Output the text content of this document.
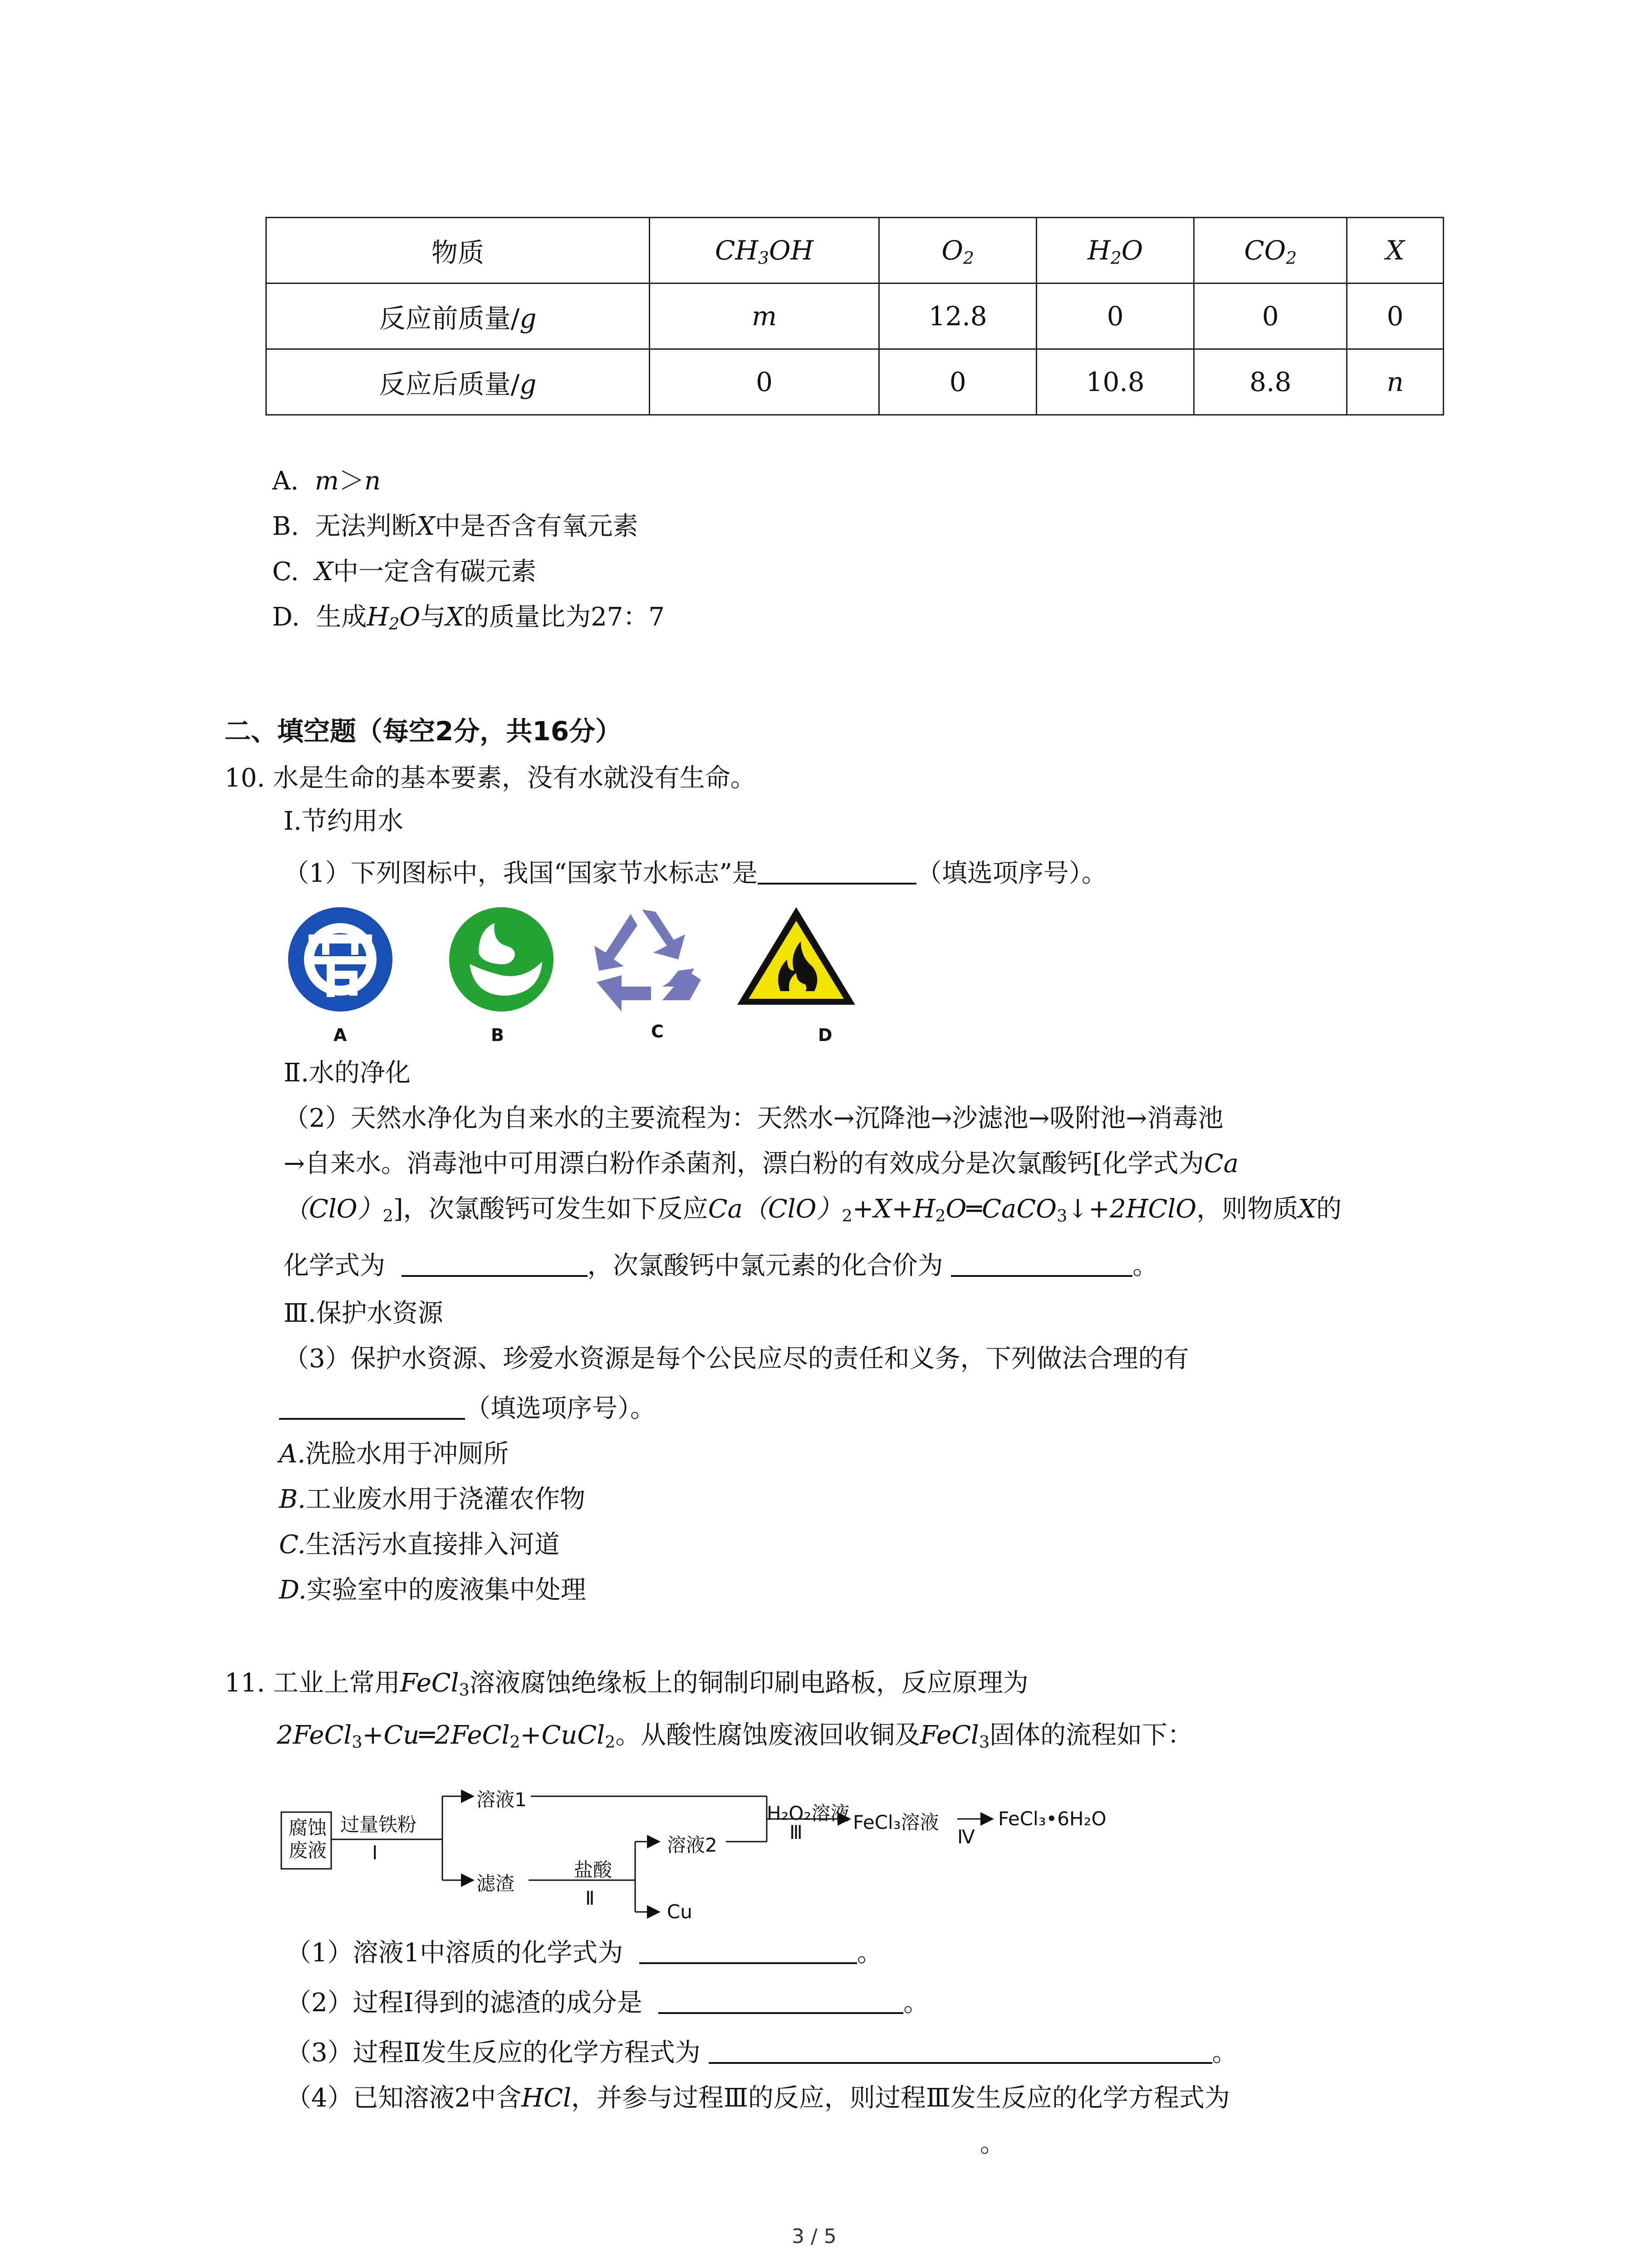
物质	$CH_3OH$	$O_2$	$H_2O$	$CO_2$	X
反应前质量/g	m	12.8	0	0	0
反应后质量/g	0	0	10.8	8.8	n
A. m＞n
B. 无法判断X中是否含有氧元素
C. X中一定含有碳元素
D. 生成$H_2O$与X的质量比为27：7
二、填空题（每空2分，共16分）
10. 水是生命的基本要素，没有水就没有生命。
Ⅰ.节约用水
（1）下列图标中，我国“国家节水标志”是	（填选项序号）。
A	B	C	D
Ⅱ.水的净化
（2）天然水净化为自来水的主要流程为：天然水→沉降池→沙滤池→吸附池→消毒池
→自来水。消毒池中可用漂白粉作杀菌剂，漂白粉的有效成分是次氯酸钙[化学式为Ca
$(ClO)_2$]，次氯酸钙可发生如下反应$Ca(ClO)_2+X+H_2O═CaCO_3↓+2HClO$，则物质X的
化学式为	，次氯酸钙中氯元素的化合价为	。
Ⅲ.保护水资源
（3）保护水资源、珍爱水资源是每个公民应尽的责任和义务，下列做法合理的有
（填选项序号）。
A.洗脸水用于冲厕所
B.工业废水用于浇灌农作物
C.生活污水直接排入河道
D.实验室中的废液集中处理
11. 工业上常用FeCl$_3$溶液腐蚀绝缘板上的铜制印刷电路板，反应原理为
2FeCl$_3$+Cu═2FeCl$_2$+CuCl$_2$。从酸性腐蚀废液回收铜及FeCl$_3$固体的流程如下：
腐蚀废液
过量铁粉
Ⅰ
溶液1
滤渣
盐酸
Ⅱ
溶液2
Cu
H₂O₂溶液
Ⅲ	FeCl₃溶液
Ⅳ
FeCl₃•6H₂O
（1）溶液1中溶质的化学式为	。
（2）过程Ⅰ得到的滤渣的成分是	。
（3）过程Ⅱ发生反应的化学方程式为	。
（4）已知溶液2中含HCl，并参与过程Ⅲ的反应，则过程Ⅲ发生反应的化学方程式为
。
3 / 5
